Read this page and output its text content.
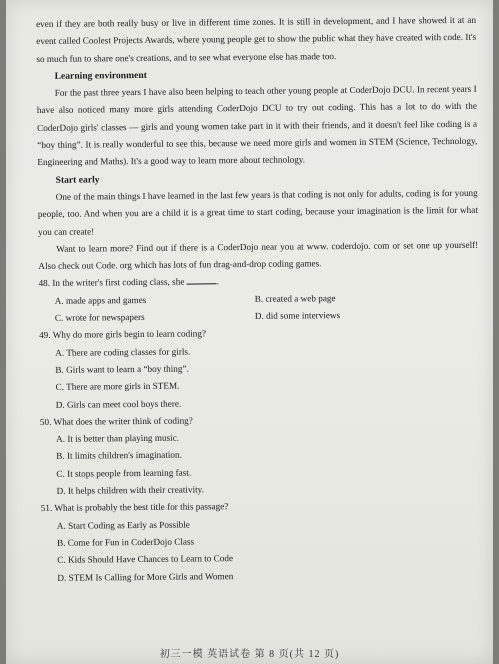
even if they are both really busy or live in different time zones. It is still in development, and I have showed it at an event called Coolest Projects Awards, where young people get to show the public what they have created with code. It's so much fun to share one's creations, and to see what everyone else has made too.

Learning environment

For the past three years I have also been helping to teach other young people at CoderDojo DCU. In recent years I have also noticed many more girls attending CoderDojo DCU to try out coding. This has a lot to do with the CoderDojo girls' classes — girls and young women take part in it with their friends, and it doesn't feel like coding is a “boy thing”. It is really wonderful to see this, because we need more girls and women in STEM (Science, Technology, Engineering and Maths). It's a good way to learn more about technology.

Start early

One of the main things I have learned in the last few years is that coding is not only for adults, coding is for young people, too. And when you are a child it is a great time to start coding, because your imagination is the limit for what you can create!

Want to learn more? Find out if there is a CoderDojo near you at www. coderdojo. com or set one up yourself! Also check out Code. org which has lots of fun drag-and-drop coding games.

48. In the writer's first coding class, she	.
A. made apps and games	B. created a web page
C. wrote for newspapers	D. did some interviews
49. Why do more girls begin to learn coding?
A. There are coding classes for girls.
B. Girls want to learn a “boy thing”.
C. There are more girls in STEM.
D. Girls can meet cool boys there.
50. What does the writer think of coding?
A. It is better than playing music.
B. It limits children's imagination.
C. It stops people from learning fast.
D. It helps children with their creativity.
51. What is probably the best title for this passage?
A. Start Coding as Early as Possible
B. Come for Fun in CoderDojo Class
C. Kids Should Have Chances to Learn to Code
D. STEM Is Calling for More Girls and Women
初三一模 英语试卷 第 8 页(共 12 页)
